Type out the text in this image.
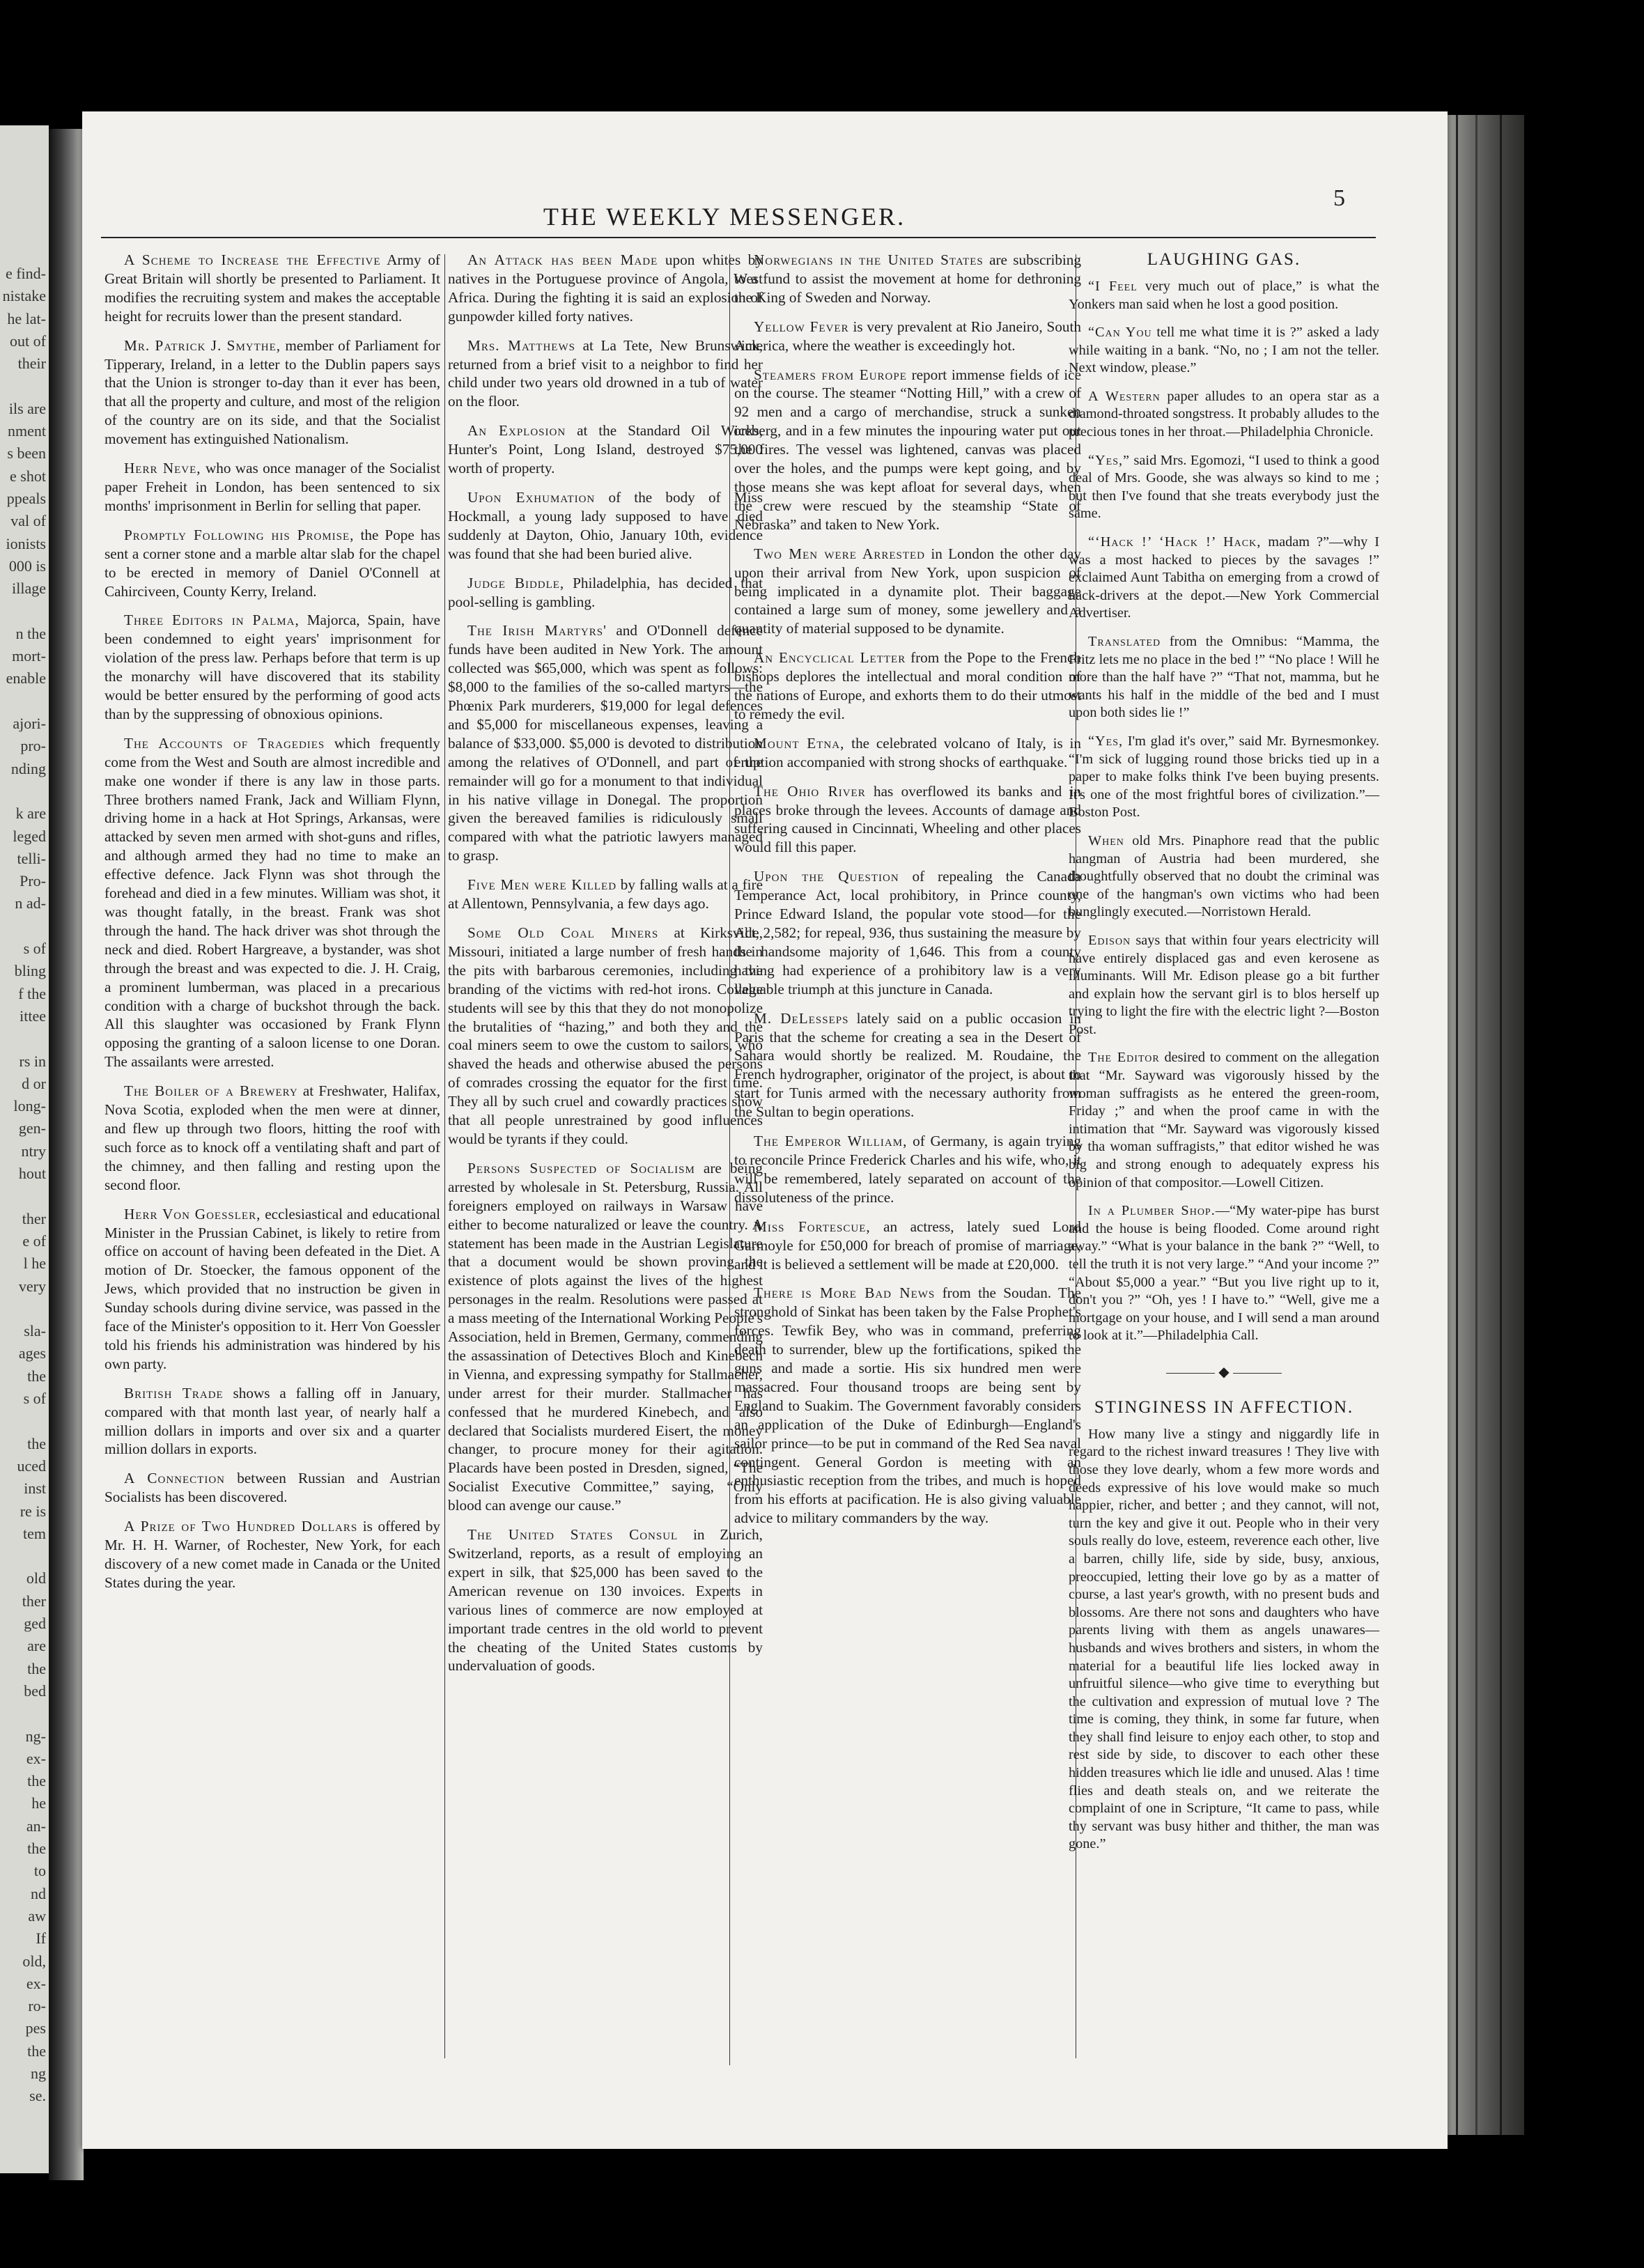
e find-
nistake
he lat-
out of
their
ils are
nment
s been
e shot
ppeals
val of
ionists
000 is
illage
n the
mort-
enable
ajori-
pro-
nding
k are
leged
telli-
Pro-
n ad-
s of
bling
f the
ittee
rs in
d or
long-
gen-
ntry
hout
ther
e of
l he
very
sla-
ages
the
s of
the
uced
inst
re is
tem
old
ther
ged
are
the
bed
ng-
ex-
the
he
an-
the
to
nd
aw
If
old,
ex-
ro-
pes
the
ng
se.
THE WEEKLY MESSENGER.
5

A Scheme to Increase the Effective Army of Great Britain will shortly be presented to Parliament. It modifies the recruiting system and makes the acceptable height for recruits lower than the present standard.

Mr. Patrick J. Smythe, member of Parliament for Tipperary, Ireland, in a letter to the Dublin papers says that the Union is stronger to-day than it ever has been, that all the property and culture, and most of the religion of the country are on its side, and that the Socialist movement has extinguished Nationalism.

Herr Neve, who was once manager of the Socialist paper Freheit in London, has been sentenced to six months' imprisonment in Berlin for selling that paper.

Promptly Following his Promise, the Pope has sent a corner stone and a marble altar slab for the chapel to be erected in memory of Daniel O'Connell at Cahirciveen, County Kerry, Ireland.

Three Editors in Palma, Majorca, Spain, have been condemned to eight years' imprisonment for violation of the press law. Perhaps before that term is up the monarchy will have discovered that its stability would be better ensured by the performing of good acts than by the suppressing of obnoxious opinions.

The Accounts of Tragedies which frequently come from the West and South are almost incredible and make one wonder if there is any law in those parts. Three brothers named Frank, Jack and William Flynn, driving home in a hack at Hot Springs, Arkansas, were attacked by seven men armed with shot-guns and rifles, and although armed they had no time to make an effective defence. Jack Flynn was shot through the forehead and died in a few minutes. William was shot, it was thought fatally, in the breast. Frank was shot through the hand. The hack driver was shot through the neck and died. Robert Hargreave, a bystander, was shot through the breast and was expected to die. J. H. Craig, a prominent lumberman, was placed in a precarious condition with a charge of buckshot through the back. All this slaughter was occasioned by Frank Flynn opposing the granting of a saloon license to one Doran. The assailants were arrested.

The Boiler of a Brewery at Freshwater, Halifax, Nova Scotia, exploded when the men were at dinner, and flew up through two floors, hitting the roof with such force as to knock off a ventilating shaft and part of the chimney, and then falling and resting upon the second floor.

Herr Von Goessler, ecclesiastical and educational Minister in the Prussian Cabinet, is likely to retire from office on account of having been defeated in the Diet. A motion of Dr. Stoecker, the famous opponent of the Jews, which provided that no instruction be given in Sunday schools during divine service, was passed in the face of the Minister's opposition to it. Herr Von Goessler told his friends his administration was hindered by his own party.

British Trade shows a falling off in January, compared with that month last year, of nearly half a million dollars in imports and over six and a quarter million dollars in exports.

A Connection between Russian and Austrian Socialists has been discovered.

A Prize of Two Hundred Dollars is offered by Mr. H. H. Warner, of Rochester, New York, for each discovery of a new comet made in Canada or the United States during the year.

An Attack has been Made upon whites by natives in the Portuguese province of Angola, West Africa. During the fighting it is said an explosion of gunpowder killed forty natives.

Mrs. Matthews at La Tete, New Brunswick, returned from a brief visit to a neighbor to find her child under two years old drowned in a tub of water on the floor.

An Explosion at the Standard Oil Works, Hunter's Point, Long Island, destroyed $75,000 worth of property.

Upon Exhumation of the body of Miss Hockmall, a young lady supposed to have died suddenly at Dayton, Ohio, January 10th, evidence was found that she had been buried alive.

Judge Biddle, Philadelphia, has decided that pool-selling is gambling.

The Irish Martyrs' and O'Donnell defence funds have been audited in New York. The amount collected was $65,000, which was spent as follows: $8,000 to the families of the so-called martyrs—the Phœnix Park murderers, $19,000 for legal defences and $5,000 for miscellaneous expenses, leaving a balance of $33,000. $5,000 is devoted to distribution among the relatives of O'Donnell, and part of the remainder will go for a monument to that individual in his native village in Donegal. The proportion given the bereaved families is ridiculously small compared with what the patriotic lawyers managed to grasp.

Five Men were Killed by falling walls at a fire at Allentown, Pennsylvania, a few days ago.

Some Old Coal Miners at Kirksville, Missouri, initiated a large number of fresh hands in the pits with barbarous ceremonies, including the branding of the victims with red-hot irons. College students will see by this that they do not monopolize the brutalities of “hazing,” and both they and the coal miners seem to owe the custom to sailors, who shaved the heads and otherwise abused the persons of comrades crossing the equator for the first time. They all by such cruel and cowardly practices show that all people unrestrained by good influences would be tyrants if they could.

Persons Suspected of Socialism are being arrested by wholesale in St. Petersburg, Russia. All foreigners employed on railways in Warsaw have either to become naturalized or leave the country. A statement has been made in the Austrian Legislature that a document would be shown proving the existence of plots against the lives of the highest personages in the realm. Resolutions were passed at a mass meeting of the International Working People's Association, held in Bremen, Germany, commending the assassination of Detectives Bloch and Kinebech in Vienna, and expressing sympathy for Stallmacher, under arrest for their murder. Stallmacher has confessed that he murdered Kinebech, and also declared that Socialists murdered Eisert, the money changer, to procure money for their agitation. Placards have been posted in Dresden, signed, “The Socialist Executive Committee,” saying, “Only blood can avenge our cause.”

The United States Consul in Zurich, Switzerland, reports, as a result of employing an expert in silk, that $25,000 has been saved to the American revenue on 130 invoices. Experts in various lines of commerce are now employed at important trade centres in the old world to prevent the cheating of the United States customs by undervaluation of goods.

Norwegians in the United States are subscribing to a fund to assist the movement at home for dethroning the King of Sweden and Norway.

Yellow Fever is very prevalent at Rio Janeiro, South America, where the weather is exceedingly hot.

Steamers from Europe report immense fields of ice on the course. The steamer “Notting Hill,” with a crew of 92 men and a cargo of merchandise, struck a sunken iceberg, and in a few minutes the inpouring water put out the fires. The vessel was lightened, canvas was placed over the holes, and the pumps were kept going, and by those means she was kept afloat for several days, when the crew were rescued by the steamship “State of Nebraska” and taken to New York.

Two Men were Arrested in London the other day upon their arrival from New York, upon suspicion of being implicated in a dynamite plot. Their baggage contained a large sum of money, some jewellery and a quantity of material supposed to be dynamite.

An Encyclical Letter from the Pope to the French bishops deplores the intellectual and moral condition of the nations of Europe, and exhorts them to do their utmost to remedy the evil.

Mount Etna, the celebrated volcano of Italy, is in eruption accompanied with strong shocks of earthquake.

The Ohio River has overflowed its banks and in places broke through the levees. Accounts of damage and suffering caused in Cincinnati, Wheeling and other places would fill this paper.

Upon the Question of repealing the Canada Temperance Act, local prohibitory, in Prince county, Prince Edward Island, the popular vote stood—for the Act, 2,582; for repeal, 936, thus sustaining the measure by the handsome majority of 1,646. This from a county having had experience of a prohibitory law is a very valuable triumph at this juncture in Canada.

M. DeLesseps lately said on a public occasion in Paris that the scheme for creating a sea in the Desert of Sahara would shortly be realized. M. Roudaine, the French hydrographer, originator of the project, is about to start for Tunis armed with the necessary authority from the Sultan to begin operations.

The Emperor William, of Germany, is again trying to reconcile Prince Frederick Charles and his wife, who, it will be remembered, lately separated on account of the dissoluteness of the prince.

Miss Fortescue, an actress, lately sued Lord Garmoyle for £50,000 for breach of promise of marriage, and it is believed a settlement will be made at £20,000.

There is More Bad News from the Soudan. The stronghold of Sinkat has been taken by the False Prophet's forces. Tewfik Bey, who was in command, preferring death to surrender, blew up the fortifications, spiked the guns and made a sortie. His six hundred men were massacred. Four thousand troops are being sent by England to Suakim. The Government favorably considers an application of the Duke of Edinburgh—England's sailor prince—to be put in command of the Red Sea naval contingent. General Gordon is meeting with an enthusiastic reception from the tribes, and much is hoped from his efforts at pacification. He is also giving valuable advice to military commanders by the way.

LAUGHING GAS.

“I Feel very much out of place,” is what the Yonkers man said when he lost a good position.

“Can You tell me what time it is ?” asked a lady while waiting in a bank. “No, no ; I am not the teller. Next window, please.”

A Western paper alludes to an opera star as a diamond-throated songstress. It probably alludes to the precious tones in her throat.—Philadelphia Chronicle.

“Yes,” said Mrs. Egomozi, “I used to think a good deal of Mrs. Goode, she was always so kind to me ; but then I've found that she treats everybody just the same.

“‘Hack !’ ‘Hack !’ Hack, madam ?”—why I was a most hacked to pieces by the savages !” exclaimed Aunt Tabitha on emerging from a crowd of hack-drivers at the depot.—New York Commercial Advertiser.

Translated from the Omnibus: “Mamma, the Fritz lets me no place in the bed !” “No place ! Will he more than the half have ?” “That not, mamma, but he wants his half in the middle of the bed and I must upon both sides lie !”

“Yes, I'm glad it's over,” said Mr. Byrnesmonkey. “I'm sick of lugging round those bricks tied up in a paper to make folks think I've been buying presents. It's one of the most frightful bores of civilization.”—Boston Post.

When old Mrs. Pinaphore read that the public hangman of Austria had been murdered, she thoughtfully observed that no doubt the criminal was one of the hangman's own victims who had been bunglingly executed.—Norristown Herald.

Edison says that within four years electricity will have entirely displaced gas and even kerosene as illuminants. Will Mr. Edison please go a bit further and explain how the servant girl is to blos herself up trying to light the fire with the electric light ?—Boston Post.

The Editor desired to comment on the allegation that “Mr. Sayward was vigorously hissed by the woman suffragists as he entered the green-room, Friday ;” and when the proof came in with the intimation that “Mr. Sayward was vigorously kissed by tha woman suffragists,” that editor wished he was big and strong enough to adequately express his opinion of that compositor.—Lowell Citizen.

In a Plumber Shop.—“My water-pipe has burst and the house is being flooded. Come around right away.” “What is your balance in the bank ?” “Well, to tell the truth it is not very large.” “And your income ?” “About $5,000 a year.” “But you live right up to it, don't you ?” “Oh, yes ! I have to.” “Well, give me a mortgage on your house, and I will send a man around to look at it.”—Philadelphia Call.

◆
STINGINESS IN AFFECTION.

How many live a stingy and niggardly life in regard to the richest inward treasures ! They live with those they love dearly, whom a few more words and deeds expressive of his love would make so much happier, richer, and better ; and they cannot, will not, turn the key and give it out. People who in their very souls really do love, esteem, reverence each other, live a barren, chilly life, side by side, busy, anxious, preoccupied, letting their love go by as a matter of course, a last year's growth, with no present buds and blossoms. Are there not sons and daughters who have parents living with them as angels unawares—husbands and wives brothers and sisters, in whom the material for a beautiful life lies locked away in unfruitful silence—who give time to everything but the cultivation and expression of mutual love ? The time is coming, they think, in some far future, when they shall find leisure to enjoy each other, to stop and rest side by side, to discover to each other these hidden treasures which lie idle and unused. Alas ! time flies and death steals on, and we reiterate the complaint of one in Scripture, “It came to pass, while thy servant was busy hither and thither, the man was gone.”
